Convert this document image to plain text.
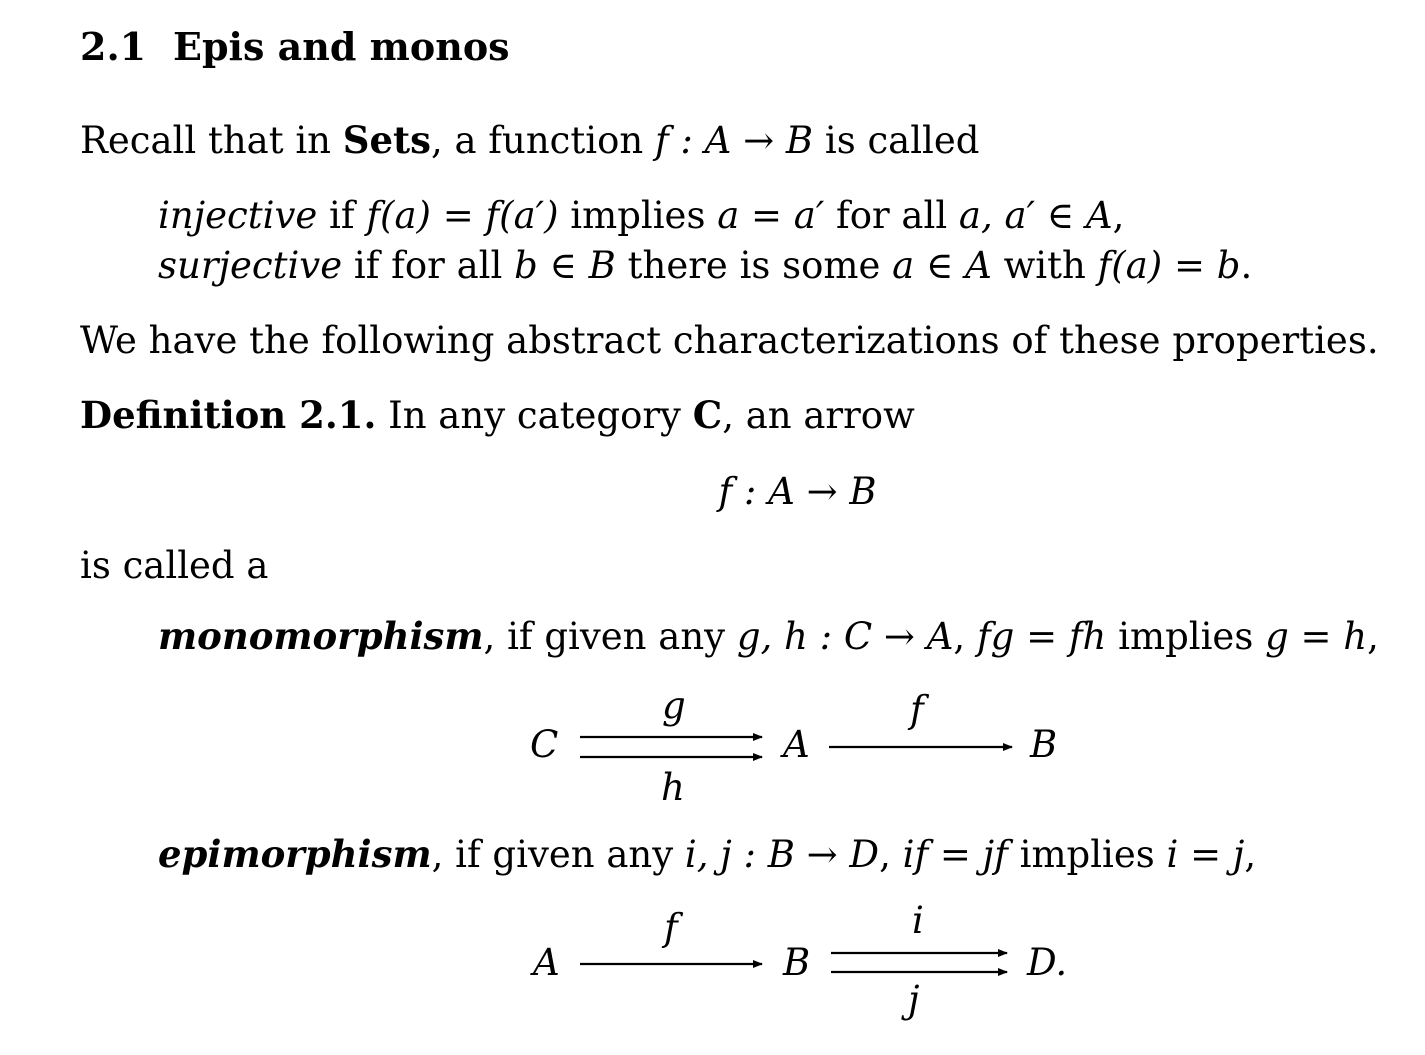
2.1 Epis and monos
Recall that in Sets, a function f : A → B is called
injective if f(a) = f(a′) implies a = a′ for all a, a′ ∈ A,
surjective if for all b ∈ B there is some a ∈ A with f(a) = b.
We have the following abstract characterizations of these properties.
Definition 2.1. In any category C, an arrow
f : A → B
is called a
monomorphism, if given any g, h : C → A, fg = fh implies g = h,
epimorphism, if given any i, j : B → D, if = jf implies i = j,
C	A	B
g
h
f
A	B	D.
f	i
j
